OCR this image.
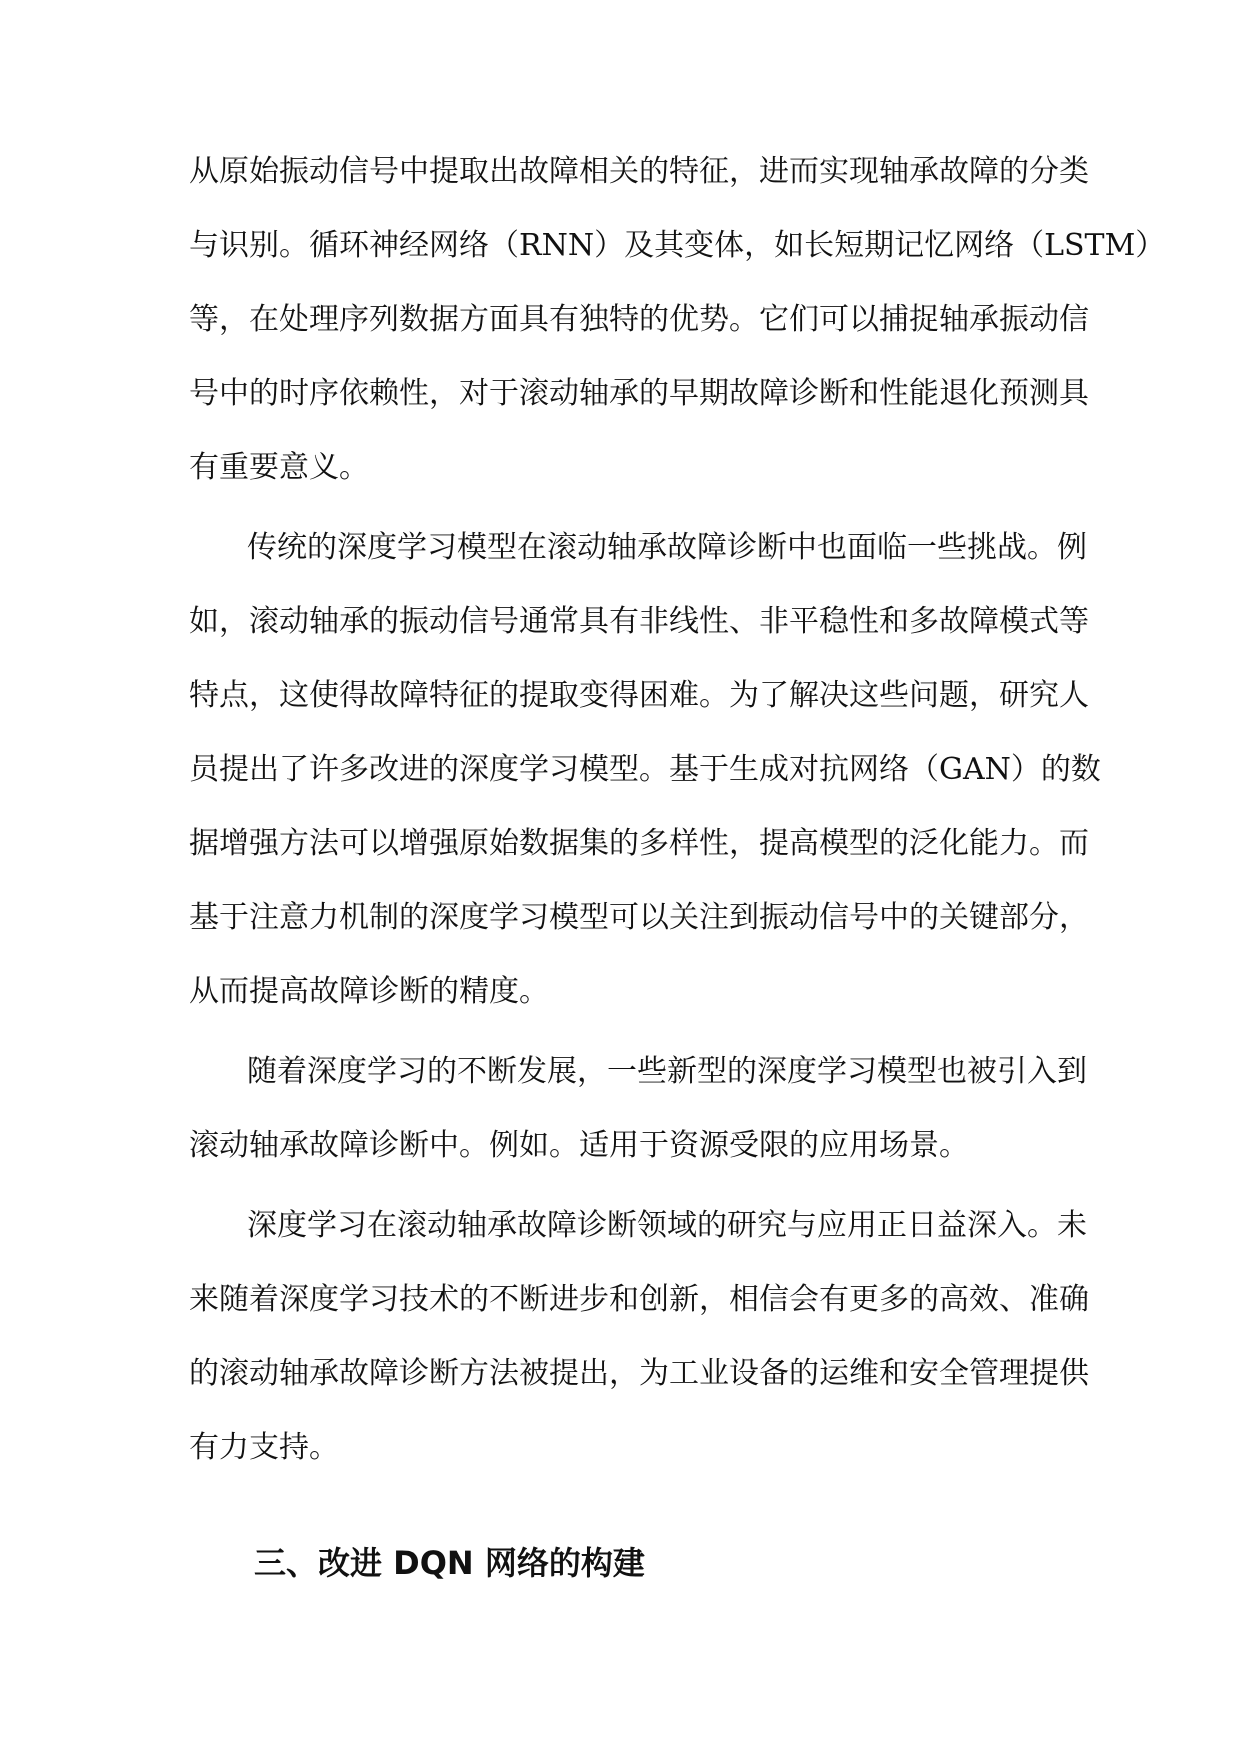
从原始振动信号中提取出故障相关的特征，进而实现轴承故障的分类
与识别。循环神经网络（RNN）及其变体，如长短期记忆网络（LSTM）
等，在处理序列数据方面具有独特的优势。它们可以捕捉轴承振动信
号中的时序依赖性，对于滚动轴承的早期故障诊断和性能退化预测具
有重要意义。
传统的深度学习模型在滚动轴承故障诊断中也面临一些挑战。例
如，滚动轴承的振动信号通常具有非线性、非平稳性和多故障模式等
特点，这使得故障特征的提取变得困难。为了解决这些问题，研究人
员提出了许多改进的深度学习模型。基于生成对抗网络（GAN）的数
据增强方法可以增强原始数据集的多样性，提高模型的泛化能力。而
基于注意力机制的深度学习模型可以关注到振动信号中的关键部分，
从而提高故障诊断的精度。
随着深度学习的不断发展，一些新型的深度学习模型也被引入到
滚动轴承故障诊断中。例如。适用于资源受限的应用场景。
深度学习在滚动轴承故障诊断领域的研究与应用正日益深入。未
来随着深度学习技术的不断进步和创新，相信会有更多的高效、准确
的滚动轴承故障诊断方法被提出，为工业设备的运维和安全管理提供
有力支持。
三、改进 DQN 网络的构建
